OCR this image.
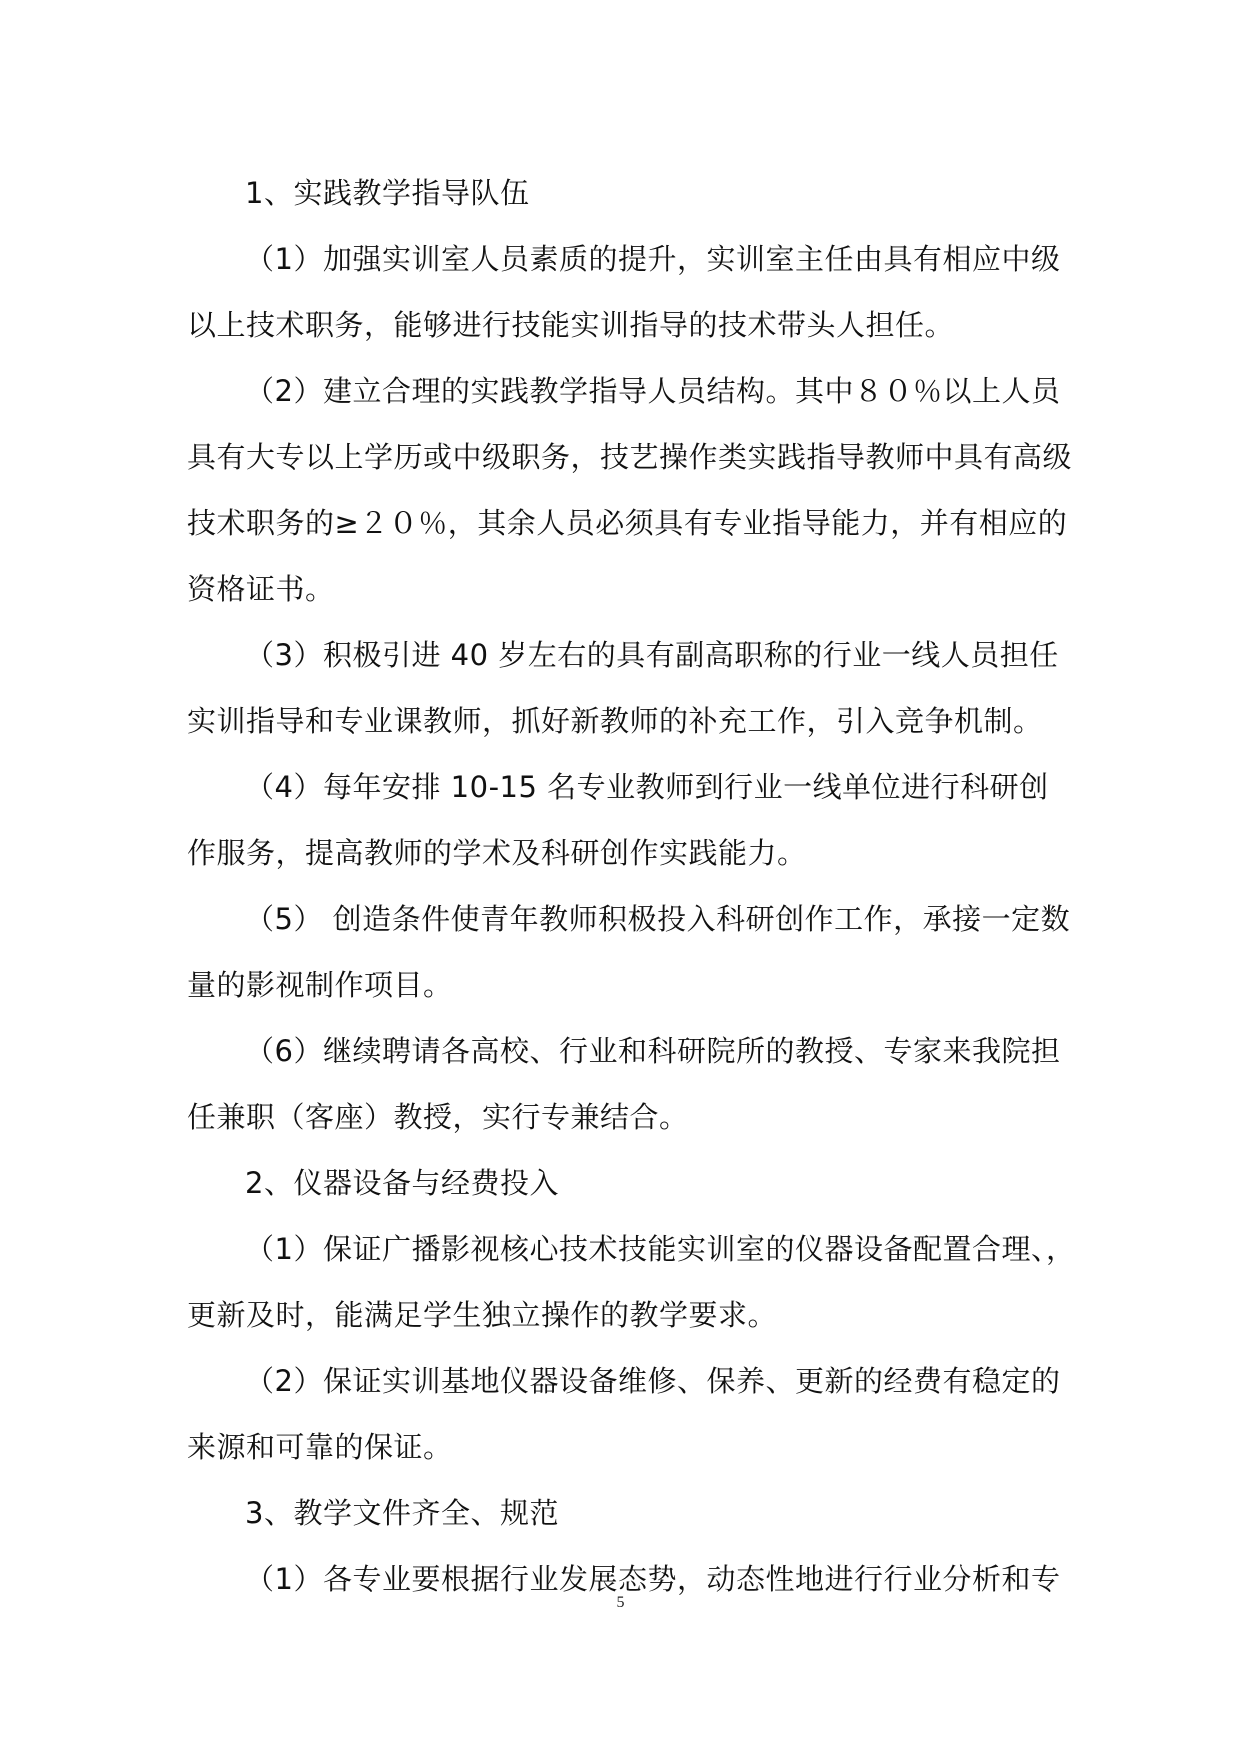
1、实践教学指导队伍
（1）加强实训室人员素质的提升，实训室主任由具有相应中级
以上技术职务，能够进行技能实训指导的技术带头人担任。
（2）建立合理的实践教学指导人员结构。其中８０％以上人员
具有大专以上学历或中级职务，技艺操作类实践指导教师中具有高级
技术职务的≥２０％，其余人员必须具有专业指导能力，并有相应的
资格证书。
（3）积极引进 40 岁左右的具有副高职称的行业一线人员担任
实训指导和专业课教师，抓好新教师的补充工作，引入竞争机制。
（4）每年安排 10-15 名专业教师到行业一线单位进行科研创
作服务，提高教师的学术及科研创作实践能力。
（5） 创造条件使青年教师积极投入科研创作工作，承接一定数
量的影视制作项目。
（6）继续聘请各高校、行业和科研院所的教授、专家来我院担
任兼职（客座）教授，实行专兼结合。
2、仪器设备与经费投入
（1）保证广播影视核心技术技能实训室的仪器设备配置合理、，
更新及时，能满足学生独立操作的教学要求。
（2）保证实训基地仪器设备维修、保养、更新的经费有稳定的
来源和可靠的保证。
3、教学文件齐全、规范
（1）各专业要根据行业发展态势，动态性地进行行业分析和专
5
